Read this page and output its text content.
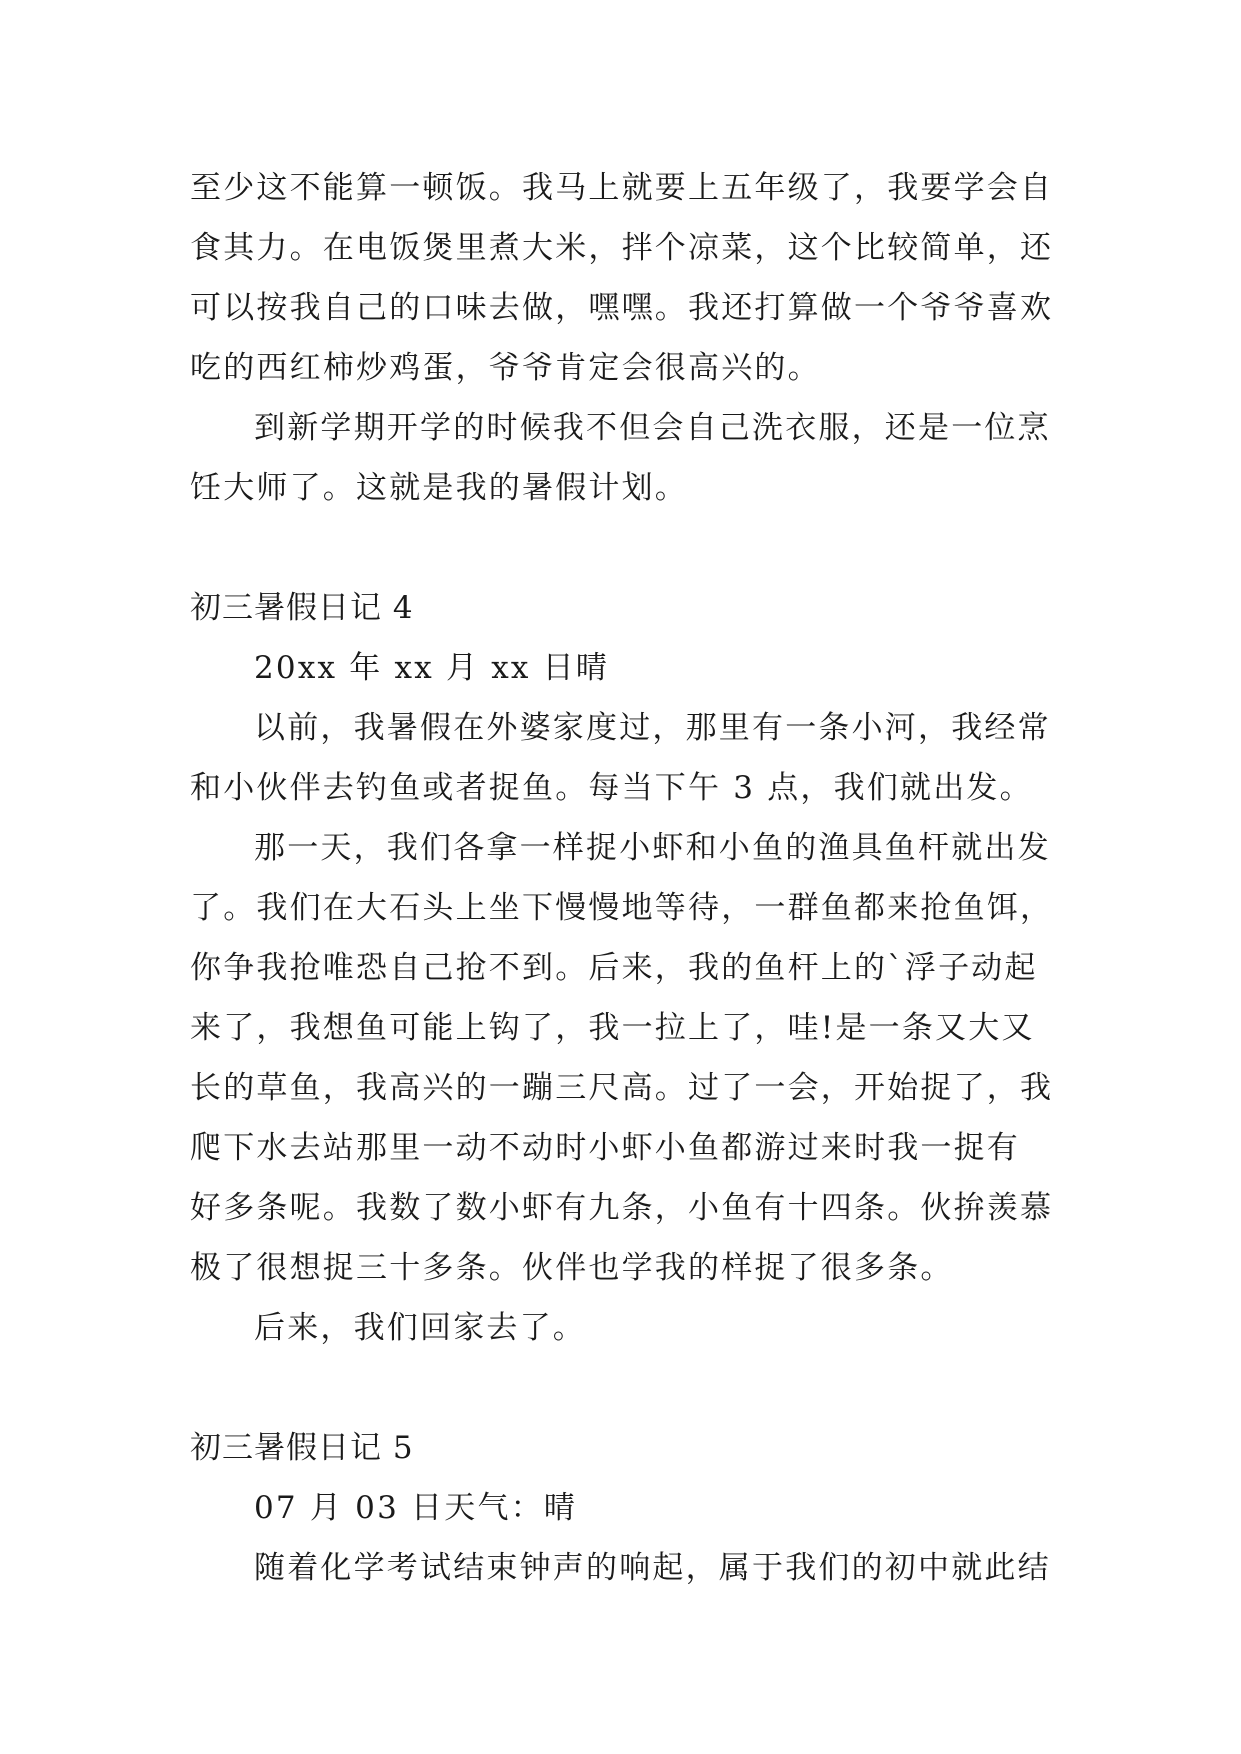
至少这不能算一顿饭。我马上就要上五年级了，我要学会自
食其力。在电饭煲里煮大米，拌个凉菜，这个比较简单，还
可以按我自己的口味去做，嘿嘿。我还打算做一个爷爷喜欢
吃的西红柿炒鸡蛋，爷爷肯定会很高兴的。
到新学期开学的时候我不但会自己洗衣服，还是一位烹
饪大师了。这就是我的暑假计划。
初三暑假日记 4
20xx 年 xx 月 xx 日晴
以前，我暑假在外婆家度过，那里有一条小河，我经常
和小伙伴去钓鱼或者捉鱼。每当下午 3 点，我们就出发。
那一天，我们各拿一样捉小虾和小鱼的渔具鱼杆就出发
了。我们在大石头上坐下慢慢地等待，一群鱼都来抢鱼饵，
你争我抢唯恐自己抢不到。后来，我的鱼杆上的`浮子动起
来了，我想鱼可能上钩了，我一拉上了，哇!是一条又大又
长的草鱼，我高兴的一蹦三尺高。过了一会，开始捉了，我
爬下水去站那里一动不动时小虾小鱼都游过来时我一捉有
好多条呢。我数了数小虾有九条，小鱼有十四条。伙拚羡慕
极了很想捉三十多条。伙伴也学我的样捉了很多条。
后来，我们回家去了。
初三暑假日记 5
07 月 03 日天气：晴
随着化学考试结束钟声的响起，属于我们的初中就此结
